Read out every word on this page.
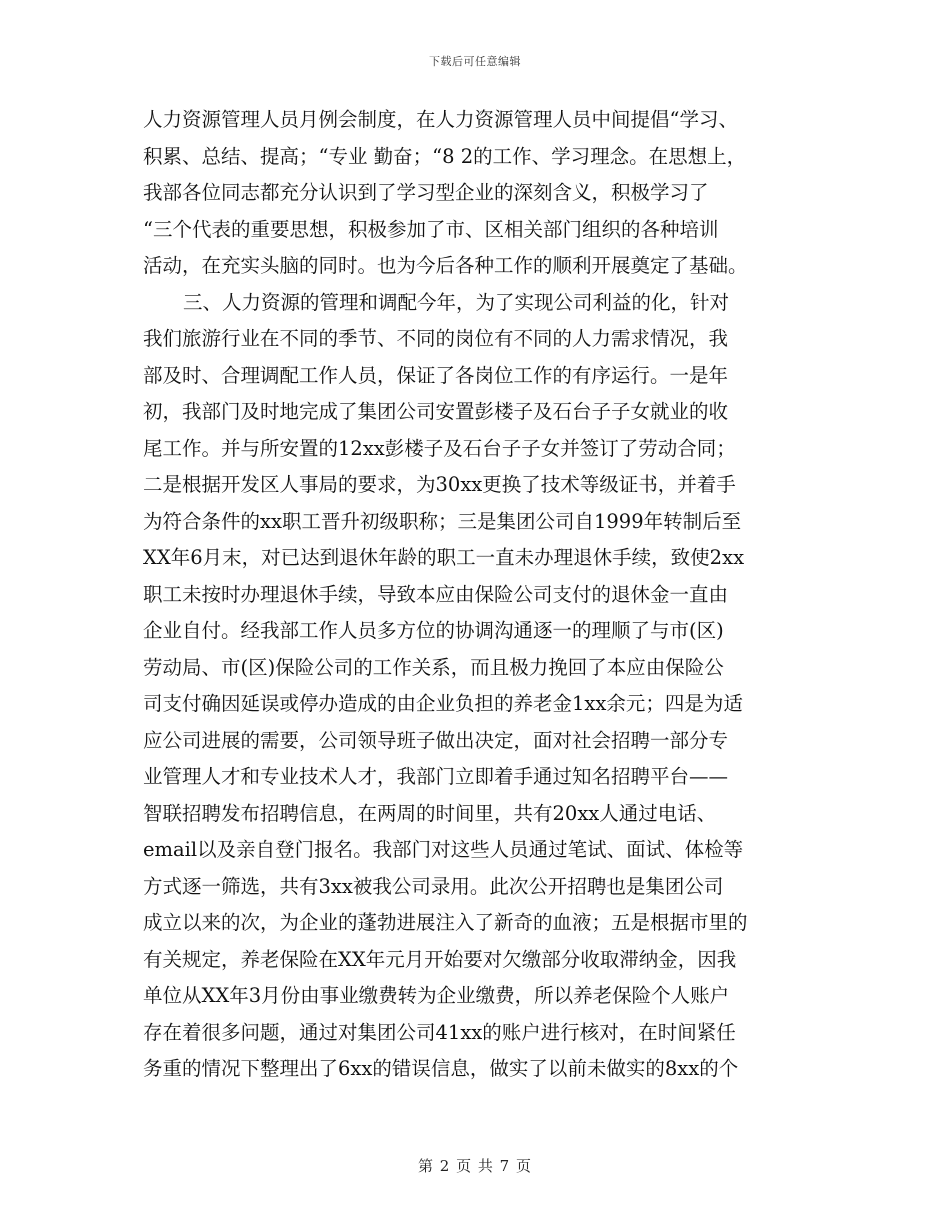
下载后可任意编辑
人力资源管理人员月例会制度，在人力资源管理人员中间提倡“学习、
积累、总结、提高；“专业 勤奋；“8 2的工作、学习理念。在思想上，
我部各位同志都充分认识到了学习型企业的深刻含义，积极学习了
“三个代表的重要思想，积极参加了市、区相关部门组织的各种培训
活动，在充实头脑的同时。也为今后各种工作的顺利开展奠定了基础。
三、人力资源的管理和调配今年，为了实现公司利益的化，针对
我们旅游行业在不同的季节、不同的岗位有不同的人力需求情况，我
部及时、合理调配工作人员，保证了各岗位工作的有序运行。一是年
初，我部门及时地完成了集团公司安置彭楼子及石台子子女就业的收
尾工作。并与所安置的12xx彭楼子及石台子子女并签订了劳动合同；
二是根据开发区人事局的要求，为30xx更换了技术等级证书，并着手
为符合条件的xx职工晋升初级职称；三是集团公司自1999年转制后至
XX年6月末，对已达到退休年龄的职工一直未办理退休手续，致使2xx
职工未按时办理退休手续，导致本应由保险公司支付的退休金一直由
企业自付。经我部工作人员多方位的协调沟通逐一的理顺了与市(区)
劳动局、市(区)保险公司的工作关系，而且极力挽回了本应由保险公
司支付确因延误或停办造成的由企业负担的养老金1xx余元；四是为适
应公司进展的需要，公司领导班子做出决定，面对社会招聘一部分专
业管理人才和专业技术人才，我部门立即着手通过知名招聘平台——
智联招聘发布招聘信息，在两周的时间里，共有20xx人通过电话、
email以及亲自登门报名。我部门对这些人员通过笔试、面试、体检等
方式逐一筛选，共有3xx被我公司录用。此次公开招聘也是集团公司
成立以来的次，为企业的蓬勃进展注入了新奇的血液；五是根据市里的
有关规定，养老保险在XX年元月开始要对欠缴部分收取滞纳金，因我
单位从XX年3月份由事业缴费转为企业缴费，所以养老保险个人账户
存在着很多问题，通过对集团公司41xx的账户进行核对，在时间紧任
务重的情况下整理出了6xx的错误信息，做实了以前未做实的8xx的个
第 2 页 共 7 页
